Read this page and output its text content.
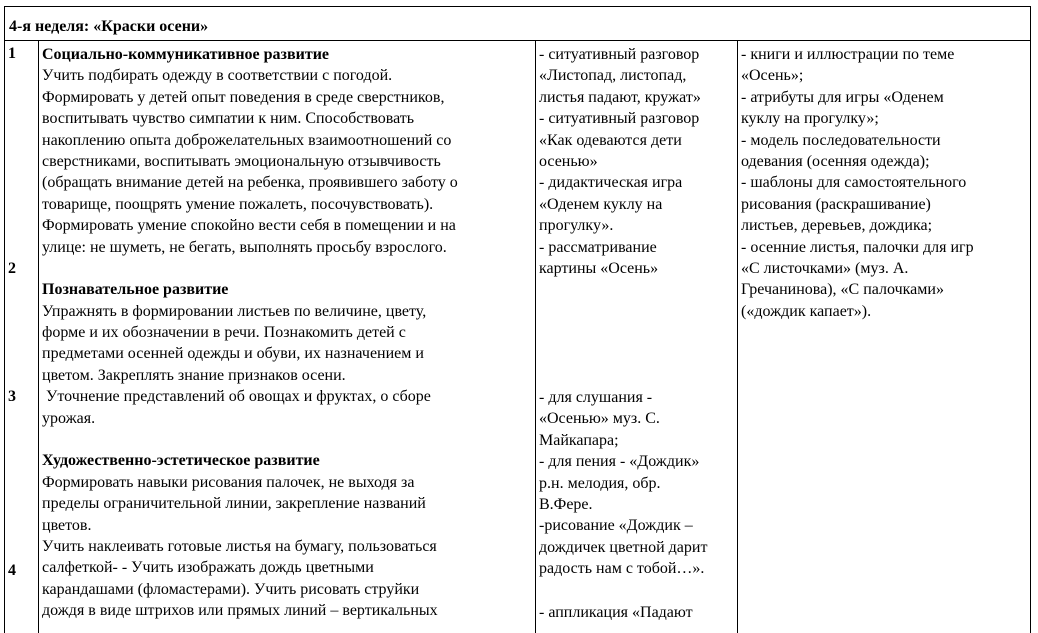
4-я неделя: «Краски осени»
1
2
3
4
Социально-коммуникативное развитие
Учить подбирать одежду в соответствии с погодой.
Формировать у детей опыт поведения в среде сверстников,
воспитывать чувство симпатии к ним. Способствовать
накоплению опыта доброжелательных взаимоотношений со
сверстниками, воспитывать эмоциональную отзывчивость
(обращать внимание детей на ребенка, проявившего заботу о
товарище, поощрять умение пожалеть, посочувствовать).
Формировать умение спокойно вести себя в помещении и на
улице: не шуметь, не бегать, выполнять просьбу взрослого.
Познавательное развитие
Упражнять в формировании листьев по величине, цвету,
форме и их обозначении в речи. Познакомить детей с
предметами осенней одежды и обуви, их назначением и
цветом. Закреплять знание признаков осени.
Уточнение представлений об овощах и фруктах, о сборе
урожая.
Художественно-эстетическое развитие
Формировать навыки рисования палочек, не выходя за
пределы ограничительной линии, закрепление названий
цветов.
Учить наклеивать готовые листья на бумагу, пользоваться
салфеткой- - Учить изображать дождь цветными
карандашами (фломастерами). Учить рисовать струйки
дождя в виде штрихов или прямых линий – вертикальных
- ситуативный разговор
«Листопад, листопад,
листья падают, кружат»
- ситуативный разговор
«Как одеваются дети
осенью»
- дидактическая игра
«Оденем куклу на
прогулку».
- рассматривание
картины «Осень»
- для слушания -
«Осенью» муз. С.
Майкапара;
- для пения - «Дождик»
р.н. мелодия, обр.
В.Фере.
-рисование «Дождик –
дождичек цветной дарит
радость нам с тобой…».
- аппликация «Падают
- книги и иллюстрации по теме
«Осень»;
- атрибуты для игры «Оденем
куклу на прогулку»;
- модель последовательности
одевания (осенняя одежда);
- шаблоны для самостоятельного
рисования (раскрашивание)
листьев, деревьев, дождика;
- осенние листья, палочки для игр
«С листочками» (муз. А.
Гречанинова), «С палочками»
(«дождик капает»).
